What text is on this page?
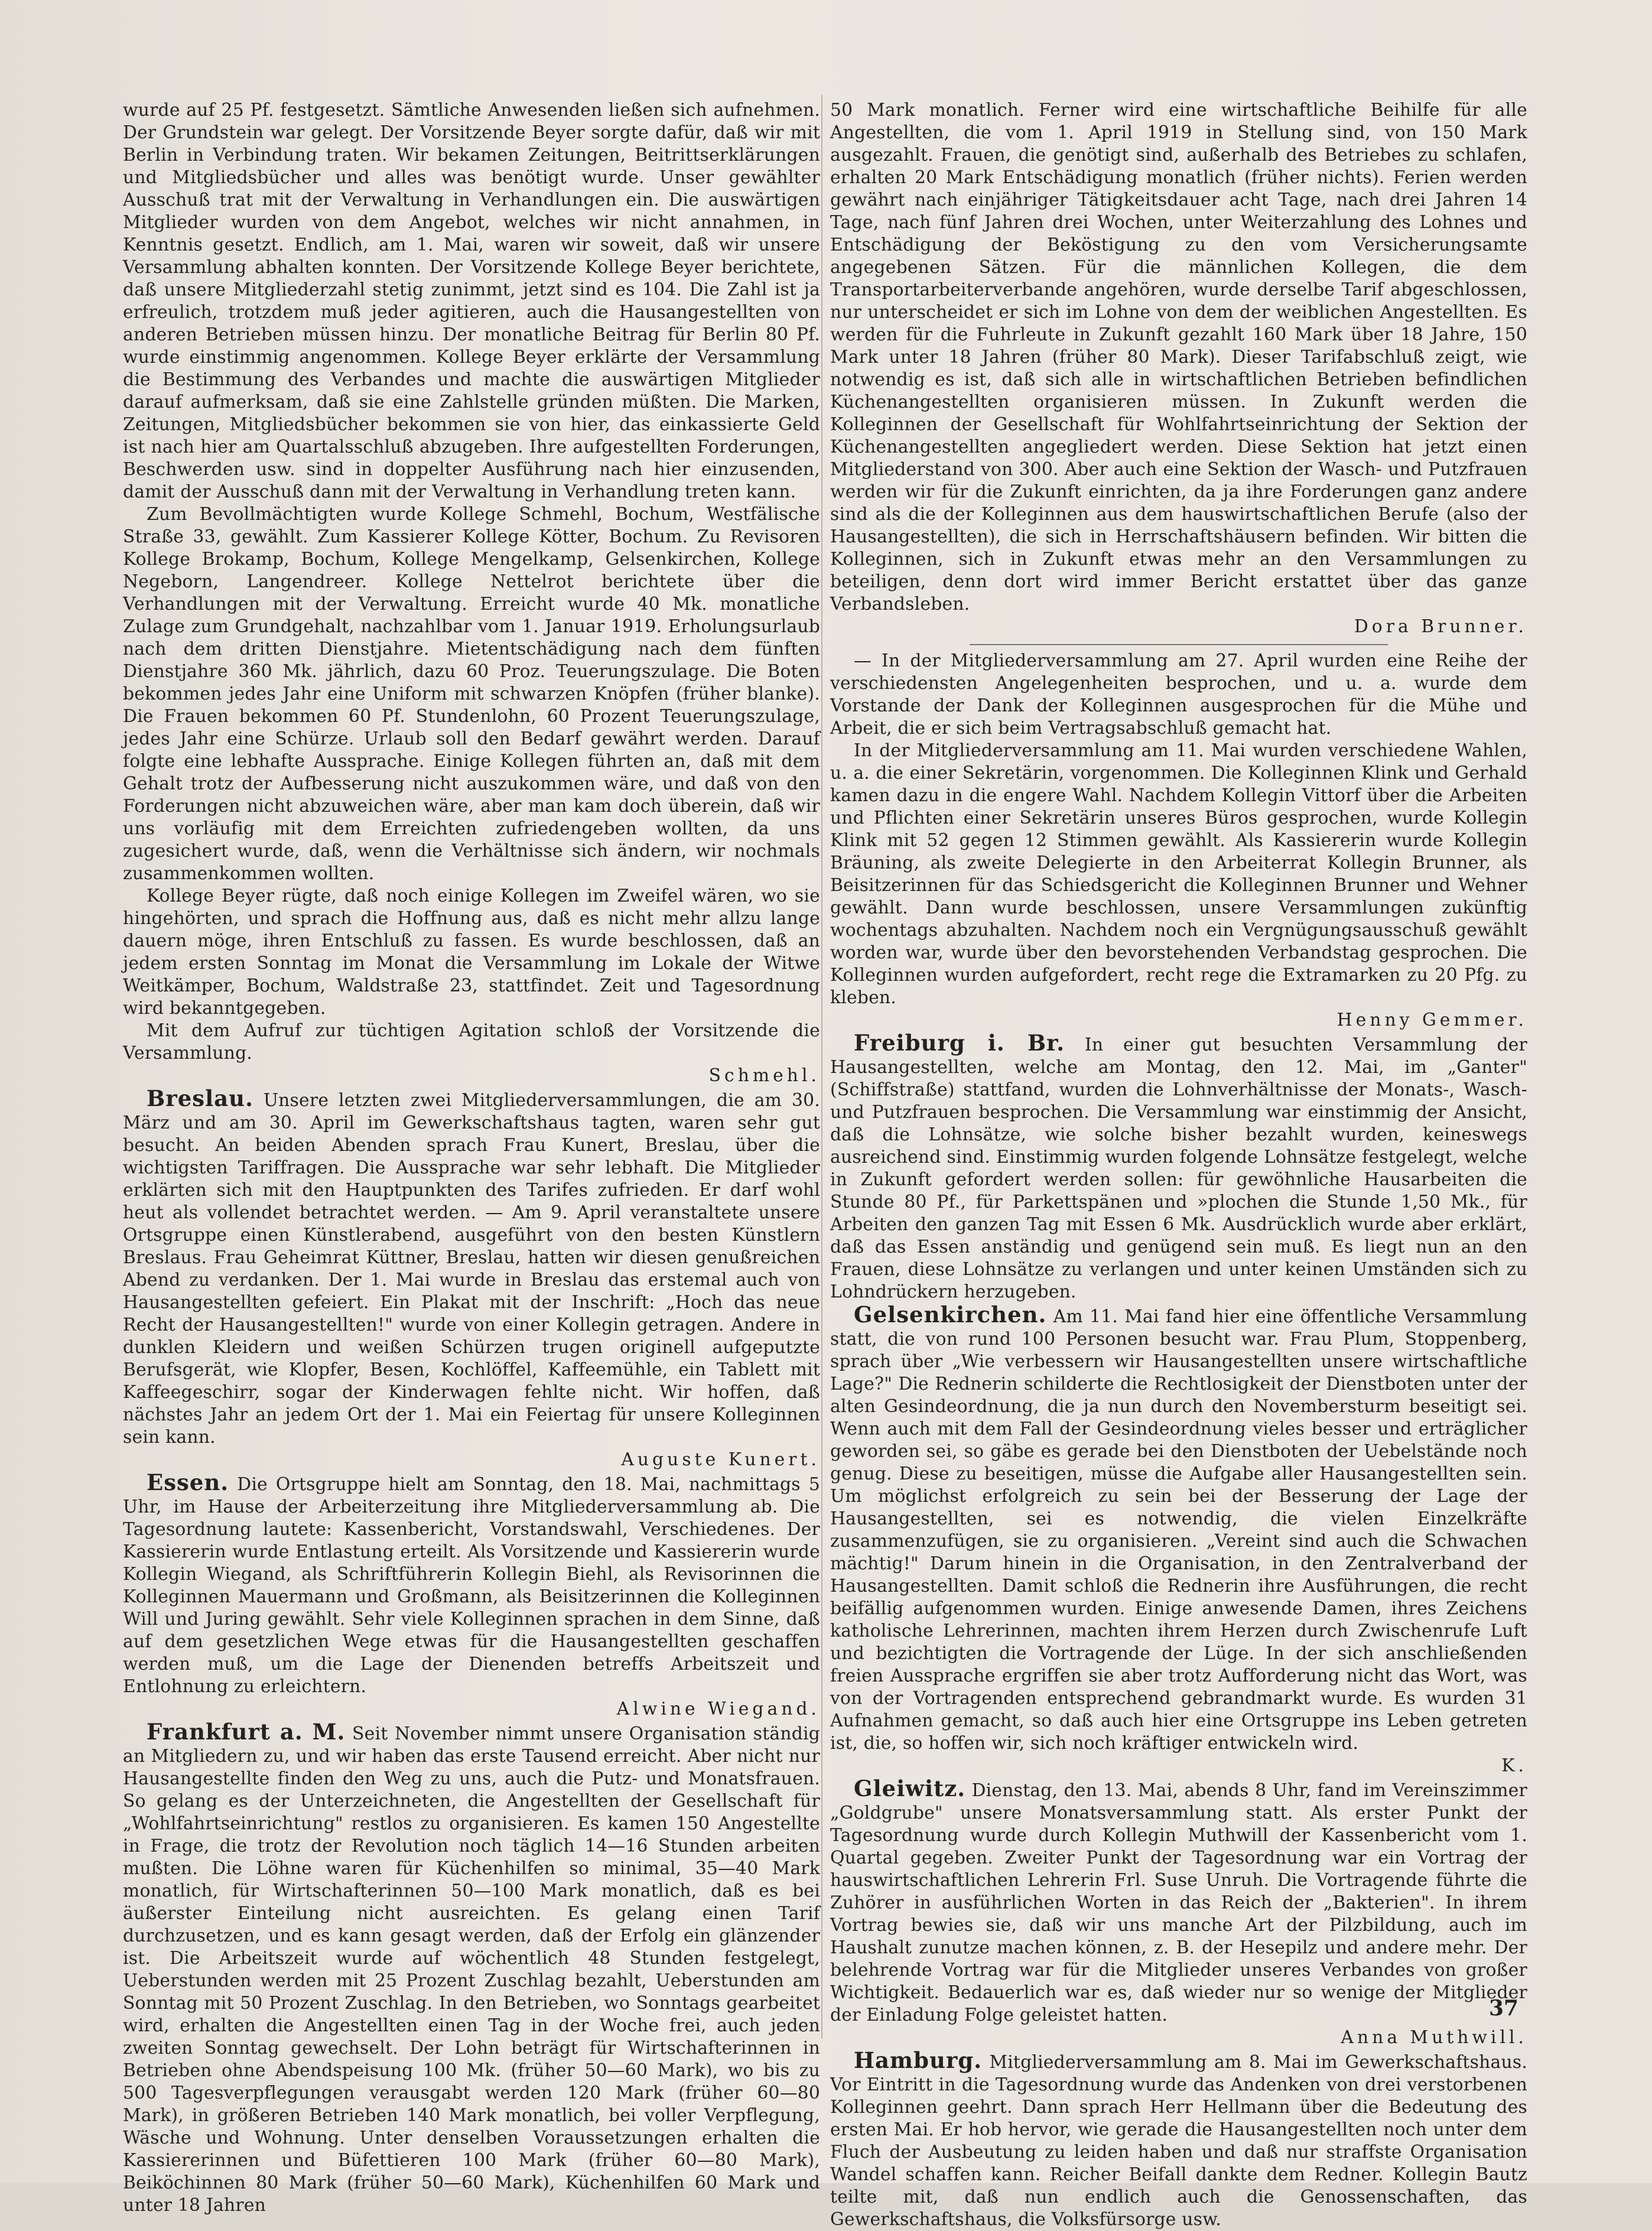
wurde auf 25 Pf. festgesetzt. Sämtliche Anwesenden ließen sich aufnehmen. Der Grundstein war gelegt. Der Vorsitzende Beyer sorgte dafür, daß wir mit Berlin in Verbindung traten. Wir bekamen Zeitungen, Beitrittserklärungen und Mitgliedsbücher und alles was benötigt wurde. Unser gewählter Ausschuß trat mit der Verwaltung in Verhandlungen ein. Die auswärtigen Mitglieder wurden von dem Angebot, welches wir nicht annahmen, in Kenntnis gesetzt. Endlich, am 1. Mai, waren wir soweit, daß wir unsere Versammlung abhalten konnten. Der Vorsitzende Kollege Beyer berichtete, daß unsere Mitgliederzahl stetig zunimmt, jetzt sind es 104. Die Zahl ist ja erfreulich, trotzdem muß jeder agitieren, auch die Hausangestellten von anderen Betrieben müssen hinzu. Der monatliche Beitrag für Berlin 80 Pf. wurde einstimmig angenommen. Kollege Beyer erklärte der Versammlung die Bestimmung des Verbandes und machte die auswärtigen Mitglieder darauf aufmerksam, daß sie eine Zahlstelle gründen müßten. Die Marken, Zeitungen, Mitgliedsbücher bekommen sie von hier, das einkassierte Geld ist nach hier am Quartalsschluß abzugeben. Ihre aufgestellten Forderungen, Beschwerden usw. sind in doppelter Ausführung nach hier einzusenden, damit der Ausschuß dann mit der Verwaltung in Verhandlung treten kann.

Zum Bevollmächtigten wurde Kollege Schmehl, Bochum, Westfälische Straße 33, gewählt. Zum Kassierer Kollege Kötter, Bochum. Zu Revisoren Kollege Brokamp, Bochum, Kollege Mengelkamp, Gelsenkirchen, Kollege Negeborn, Langendreer. Kollege Nettelrot berichtete über die Verhandlungen mit der Verwaltung. Erreicht wurde 40 Mk. monatliche Zulage zum Grundgehalt, nachzahlbar vom 1. Januar 1919. Erholungsurlaub nach dem dritten Dienstjahre. Mietentschädigung nach dem fünften Dienstjahre 360 Mk. jährlich, dazu 60 Proz. Teuerungszulage. Die Boten bekommen jedes Jahr eine Uniform mit schwarzen Knöpfen (früher blanke). Die Frauen bekommen 60 Pf. Stundenlohn, 60 Prozent Teuerungszulage, jedes Jahr eine Schürze. Urlaub soll den Bedarf gewährt werden. Darauf folgte eine lebhafte Aussprache. Einige Kollegen führten an, daß mit dem Gehalt trotz der Aufbesserung nicht auszukommen wäre, und daß von den Forderungen nicht abzuweichen wäre, aber man kam doch überein, daß wir uns vorläufig mit dem Erreichten zufriedengeben wollten, da uns zugesichert wurde, daß, wenn die Verhältnisse sich ändern, wir nochmals zusammenkommen wollten.

Kollege Beyer rügte, daß noch einige Kollegen im Zweifel wären, wo sie hingehörten, und sprach die Hoffnung aus, daß es nicht mehr allzu lange dauern möge, ihren Entschluß zu fassen. Es wurde beschlossen, daß an jedem ersten Sonntag im Monat die Versammlung im Lokale der Witwe Weitkämper, Bochum, Waldstraße 23, stattfindet. Zeit und Tagesordnung wird bekanntgegeben.

Mit dem Aufruf zur tüchtigen Agitation schloß der Vorsitzende die Versammlung.

Schmehl.

Breslau. Unsere letzten zwei Mitgliederversammlungen, die am 30. März und am 30. April im Gewerkschaftshaus tagten, waren sehr gut besucht. An beiden Abenden sprach Frau Kunert, Breslau, über die wichtigsten Tariffragen. Die Aussprache war sehr lebhaft. Die Mitglieder erklärten sich mit den Hauptpunkten des Tarifes zufrieden. Er darf wohl heut als vollendet betrachtet werden. — Am 9. April veranstaltete unsere Ortsgruppe einen Künstlerabend, ausgeführt von den besten Künstlern Breslaus. Frau Geheimrat Küttner, Breslau, hatten wir diesen genußreichen Abend zu verdanken. Der 1. Mai wurde in Breslau das erstemal auch von Hausangestellten gefeiert. Ein Plakat mit der Inschrift: „Hoch das neue Recht der Hausangestellten!" wurde von einer Kollegin getragen. Andere in dunklen Kleidern und weißen Schürzen trugen originell aufgeputzte Berufsgerät, wie Klopfer, Besen, Kochlöffel, Kaffeemühle, ein Tablett mit Kaffeegeschirr, sogar der Kinderwagen fehlte nicht. Wir hoffen, daß nächstes Jahr an jedem Ort der 1. Mai ein Feiertag für unsere Kolleginnen sein kann.

Auguste Kunert.

Essen. Die Ortsgruppe hielt am Sonntag, den 18. Mai, nachmittags 5 Uhr, im Hause der Arbeiterzeitung ihre Mitgliederversammlung ab. Die Tagesordnung lautete: Kassenbericht, Vorstandswahl, Verschiedenes. Der Kassiererin wurde Entlastung erteilt. Als Vorsitzende und Kassiererin wurde Kollegin Wiegand, als Schriftführerin Kollegin Biehl, als Revisorinnen die Kolleginnen Mauermann und Großmann, als Beisitzerinnen die Kolleginnen Will und Juring gewählt. Sehr viele Kolleginnen sprachen in dem Sinne, daß auf dem gesetzlichen Wege etwas für die Hausangestellten geschaffen werden muß, um die Lage der Dienenden betreffs Arbeitszeit und Entlohnung zu erleichtern.

Alwine Wiegand.

Frankfurt a. M. Seit November nimmt unsere Organisation ständig an Mitgliedern zu, und wir haben das erste Tausend erreicht. Aber nicht nur Hausangestellte finden den Weg zu uns, auch die Putz- und Monatsfrauen. So gelang es der Unterzeichneten, die Angestellten der Gesellschaft für „Wohlfahrtseinrichtung" restlos zu organisieren. Es kamen 150 Angestellte in Frage, die trotz der Revolution noch täglich 14—16 Stunden arbeiten mußten. Die Löhne waren für Küchenhilfen so minimal, 35—40 Mark monatlich, für Wirtschafterinnen 50—100 Mark monatlich, daß es bei äußerster Einteilung nicht ausreichten. Es gelang einen Tarif durchzusetzen, und es kann gesagt werden, daß der Erfolg ein glänzender ist. Die Arbeitszeit wurde auf wöchentlich 48 Stunden festgelegt, Ueberstunden werden mit 25 Prozent Zuschlag bezahlt, Ueberstunden am Sonntag mit 50 Prozent Zuschlag. In den Betrieben, wo Sonntags gearbeitet wird, erhalten die Angestellten einen Tag in der Woche frei, auch jeden zweiten Sonntag gewechselt. Der Lohn beträgt für Wirtschafterinnen in Betrieben ohne Abendspeisung 100 Mk. (früher 50—60 Mark), wo bis zu 500 Tagesverpflegungen verausgabt werden 120 Mark (früher 60—80 Mark), in größeren Betrieben 140 Mark monatlich, bei voller Verpflegung, Wäsche und Wohnung. Unter denselben Voraussetzungen erhalten die Kassiererinnen und Büfettieren 100 Mark (früher 60—80 Mark), Beiköchinnen 80 Mark (früher 50—60 Mark), Küchenhilfen 60 Mark und unter 18 Jahren

50 Mark monatlich. Ferner wird eine wirtschaftliche Beihilfe für alle Angestellten, die vom 1. April 1919 in Stellung sind, von 150 Mark ausgezahlt. Frauen, die genötigt sind, außerhalb des Betriebes zu schlafen, erhalten 20 Mark Entschädigung monatlich (früher nichts). Ferien werden gewährt nach einjähriger Tätigkeitsdauer acht Tage, nach drei Jahren 14 Tage, nach fünf Jahren drei Wochen, unter Weiterzahlung des Lohnes und Entschädigung der Beköstigung zu den vom Versicherungsamte angegebenen Sätzen. Für die männlichen Kollegen, die dem Transportarbeiterverbande angehören, wurde derselbe Tarif abgeschlossen, nur unterscheidet er sich im Lohne von dem der weiblichen Angestellten. Es werden für die Fuhrleute in Zukunft gezahlt 160 Mark über 18 Jahre, 150 Mark unter 18 Jahren (früher 80 Mark). Dieser Tarifabschluß zeigt, wie notwendig es ist, daß sich alle in wirtschaftlichen Betrieben befindlichen Küchenangestellten organisieren müssen. In Zukunft werden die Kolleginnen der Gesellschaft für Wohlfahrtseinrichtung der Sektion der Küchenangestellten angegliedert werden. Diese Sektion hat jetzt einen Mitgliederstand von 300. Aber auch eine Sektion der Wasch- und Putzfrauen werden wir für die Zukunft einrichten, da ja ihre Forderungen ganz andere sind als die der Kolleginnen aus dem hauswirtschaftlichen Berufe (also der Hausangestellten), die sich in Herrschaftshäusern befinden. Wir bitten die Kolleginnen, sich in Zukunft etwas mehr an den Versammlungen zu beteiligen, denn dort wird immer Bericht erstattet über das ganze Verbandsleben.

Dora Brunner.

— In der Mitgliederversammlung am 27. April wurden eine Reihe der verschiedensten Angelegenheiten besprochen, und u. a. wurde dem Vorstande der Dank der Kolleginnen ausgesprochen für die Mühe und Arbeit, die er sich beim Vertragsabschluß gemacht hat.

In der Mitgliederversammlung am 11. Mai wurden verschiedene Wahlen, u. a. die einer Sekretärin, vorgenommen. Die Kolleginnen Klink und Gerhald kamen dazu in die engere Wahl. Nachdem Kollegin Vittorf über die Arbeiten und Pflichten einer Sekretärin unseres Büros gesprochen, wurde Kollegin Klink mit 52 gegen 12 Stimmen gewählt. Als Kassiererin wurde Kollegin Bräuning, als zweite Delegierte in den Arbeiterrat Kollegin Brunner, als Beisitzerinnen für das Schiedsgericht die Kolleginnen Brunner und Wehner gewählt. Dann wurde beschlossen, unsere Versammlungen zukünftig wochentags abzuhalten. Nachdem noch ein Vergnügungsausschuß gewählt worden war, wurde über den bevorstehenden Verbandstag gesprochen. Die Kolleginnen wurden aufgefordert, recht rege die Extramarken zu 20 Pfg. zu kleben.

Henny Gemmer.

Freiburg i. Br. In einer gut besuchten Versammlung der Hausangestellten, welche am Montag, den 12. Mai, im „Ganter" (Schiffstraße) stattfand, wurden die Lohnverhältnisse der Monats-, Wasch- und Putzfrauen besprochen. Die Versammlung war einstimmig der Ansicht, daß die Lohnsätze, wie solche bisher bezahlt wurden, keineswegs ausreichend sind. Einstimmig wurden folgende Lohnsätze festgelegt, welche in Zukunft gefordert werden sollen: für gewöhnliche Hausarbeiten die Stunde 80 Pf., für Parkettspänen und »plochen die Stunde 1,50 Mk., für Arbeiten den ganzen Tag mit Essen 6 Mk. Ausdrücklich wurde aber erklärt, daß das Essen anständig und genügend sein muß. Es liegt nun an den Frauen, diese Lohnsätze zu verlangen und unter keinen Umständen sich zu Lohndrückern herzugeben.

Gelsenkirchen. Am 11. Mai fand hier eine öffentliche Versammlung statt, die von rund 100 Personen besucht war. Frau Plum, Stoppenberg, sprach über „Wie verbessern wir Hausangestellten unsere wirtschaftliche Lage?" Die Rednerin schilderte die Rechtlosigkeit der Dienstboten unter der alten Gesindeordnung, die ja nun durch den Novembersturm beseitigt sei. Wenn auch mit dem Fall der Gesindeordnung vieles besser und erträglicher geworden sei, so gäbe es gerade bei den Dienstboten der Uebelstände noch genug. Diese zu beseitigen, müsse die Aufgabe aller Hausangestellten sein. Um möglichst erfolgreich zu sein bei der Besserung der Lage der Hausangestellten, sei es notwendig, die vielen Einzelkräfte zusammenzufügen, sie zu organisieren. „Vereint sind auch die Schwachen mächtig!" Darum hinein in die Organisation, in den Zentralverband der Hausangestellten. Damit schloß die Rednerin ihre Ausführungen, die recht beifällig aufgenommen wurden. Einige anwesende Damen, ihres Zeichens katholische Lehrerinnen, machten ihrem Herzen durch Zwischenrufe Luft und bezichtigten die Vortragende der Lüge. In der sich anschließenden freien Aussprache ergriffen sie aber trotz Aufforderung nicht das Wort, was von der Vortragenden entsprechend gebrandmarkt wurde. Es wurden 31 Aufnahmen gemacht, so daß auch hier eine Ortsgruppe ins Leben getreten ist, die, so hoffen wir, sich noch kräftiger entwickeln wird.

K.

Gleiwitz. Dienstag, den 13. Mai, abends 8 Uhr, fand im Vereinszimmer „Goldgrube" unsere Monatsversammlung statt. Als erster Punkt der Tagesordnung wurde durch Kollegin Muthwill der Kassenbericht vom 1. Quartal gegeben. Zweiter Punkt der Tagesordnung war ein Vortrag der hauswirtschaftlichen Lehrerin Frl. Suse Unruh. Die Vortragende führte die Zuhörer in ausführlichen Worten in das Reich der „Bakterien". In ihrem Vortrag bewies sie, daß wir uns manche Art der Pilzbildung, auch im Haushalt zunutze machen können, z. B. der Hesepilz und andere mehr. Der belehrende Vortrag war für die Mitglieder unseres Verbandes von großer Wichtigkeit. Bedauerlich war es, daß wieder nur so wenige der Mitglieder der Einladung Folge geleistet hatten.

Anna Muthwill.

Hamburg. Mitgliederversammlung am 8. Mai im Gewerkschaftshaus. Vor Eintritt in die Tagesordnung wurde das Andenken von drei verstorbenen Kolleginnen geehrt. Dann sprach Herr Hellmann über die Bedeutung des ersten Mai. Er hob hervor, wie gerade die Hausangestellten noch unter dem Fluch der Ausbeutung zu leiden haben und daß nur straffste Organisation Wandel schaffen kann. Reicher Beifall dankte dem Redner. Kollegin Bautz teilte mit, daß nun endlich auch die Genossenschaften, das Gewerkschaftshaus, die Volksfürsorge usw.

37
